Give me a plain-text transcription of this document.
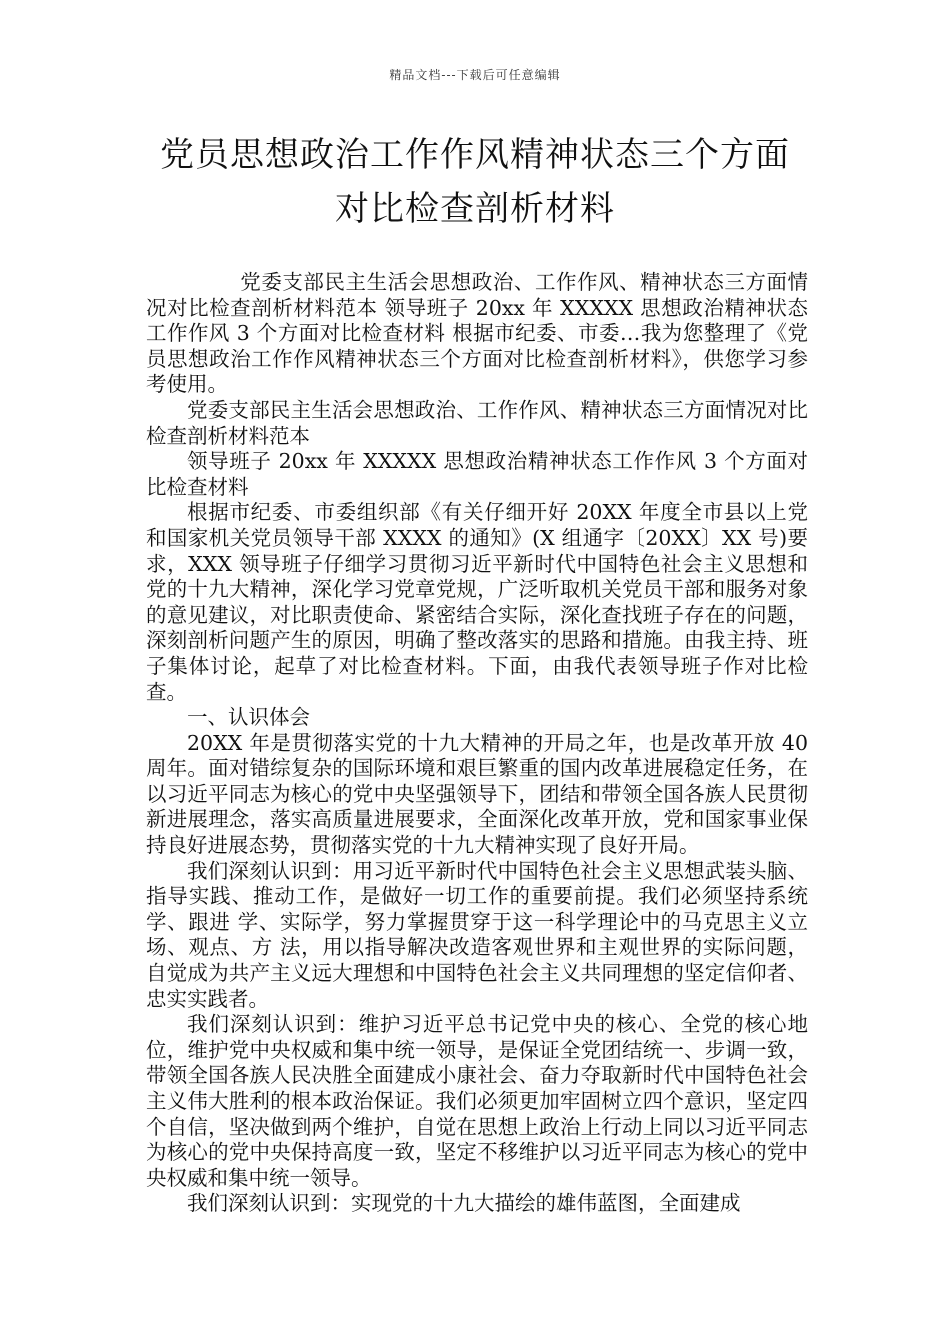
精品文档---下载后可任意编辑
党员思想政治工作作风精神状态三个方面
对比检查剖析材料

党委支部民主生活会思想政治、工作作风、精神状态三方面情况对比检查剖析材料范本 领导班子 20xx 年 XXXXX 思想政治精神状态工作作风 3 个方面对比检查材料 根据市纪委、市委…我为您整理了《党员思想政治工作作风精神状态三个方面对比检查剖析材料》，供您学习参考使用。

党委支部民主生活会思想政治、工作作风、精神状态三方面情况对比检查剖析材料范本

领导班子 20xx 年 XXXXX 思想政治精神状态工作作风 3 个方面对比检查材料

根据市纪委、市委组织部《有关仔细开好 20XX 年度全市县以上党和国家机关党员领导干部 XXXX 的通知》(X 组通字〔20XX〕XX 号)要求，XXX 领导班子仔细学习贯彻习近平新时代中国特色社会主义思想和党的十九大精神，深化学习党章党规，广泛听取机关党员干部和服务对象的意见建议，对比职责使命、紧密结合实际，深化查找班子存在的问题，深刻剖析问题产生的原因，明确了整改落实的思路和措施。由我主持、班子集体讨论，起草了对比检查材料。下面，由我代表领导班子作对比检查。

一、认识体会

20XX 年是贯彻落实党的十九大精神的开局之年，也是改革开放 40 周年。面对错综复杂的国际环境和艰巨繁重的国内改革进展稳定任务，在以习近平同志为核心的党中央坚强领导下，团结和带领全国各族人民贯彻新进展理念，落实高质量进展要求，全面深化改革开放，党和国家事业保持良好进展态势，贯彻落实党的十九大精神实现了良好开局。

我们深刻认识到：用习近平新时代中国特色社会主义思想武装头脑、指导实践、推动工作，是做好一切工作的重要前提。我们必须坚持系统学、跟进 学、实际学，努力掌握贯穿于这一科学理论中的马克思主义立场、观点、方 法，用以指导解决改造客观世界和主观世界的实际问题，自觉成为共产主义远大理想和中国特色社会主义共同理想的坚定信仰者、忠实实践者。

我们深刻认识到：维护习近平总书记党中央的核心、全党的核心地位，维护党中央权威和集中统一领导，是保证全党团结统一、步调一致，带领全国各族人民决胜全面建成小康社会、奋力夺取新时代中国特色社会主义伟大胜利的根本政治保证。我们必须更加牢固树立四个意识，坚定四个自信，坚决做到两个维护，自觉在思想上政治上行动上同以习近平同志为核心的党中央保持高度一致，坚定不移维护以习近平同志为核心的党中央权威和集中统一领导。

我们深刻认识到：实现党的十九大描绘的雄伟蓝图，全面建成
